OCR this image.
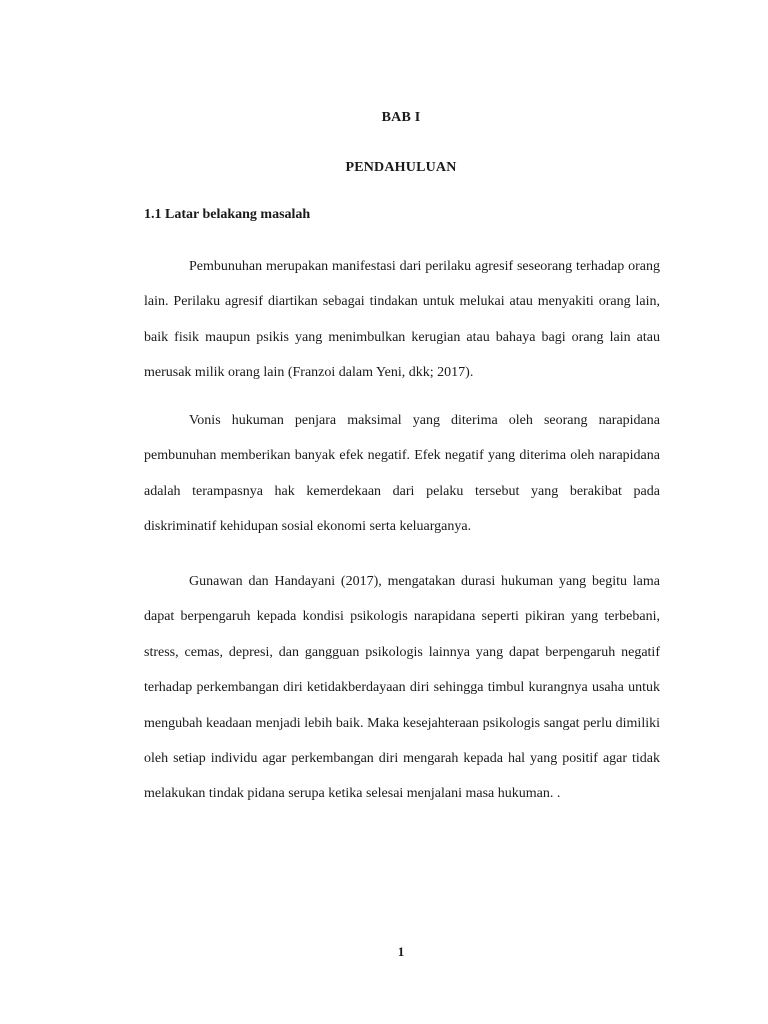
BAB I
PENDAHULUAN
1.1 Latar belakang masalah

Pembunuhan merupakan manifestasi dari perilaku agresif seseorang terhadap orang lain. Perilaku agresif diartikan sebagai tindakan untuk melukai atau menyakiti orang lain, baik fisik maupun psikis yang menimbulkan kerugian atau bahaya bagi orang lain atau merusak milik orang lain (Franzoi dalam Yeni, dkk; 2017).

Vonis hukuman penjara maksimal yang diterima oleh seorang narapidana pembunuhan memberikan banyak efek negatif. Efek negatif yang diterima oleh narapidana adalah terampasnya hak kemerdekaan dari pelaku tersebut yang berakibat pada diskriminatif kehidupan sosial ekonomi serta keluarganya.

Gunawan dan Handayani (2017), mengatakan durasi hukuman yang begitu lama dapat berpengaruh kepada kondisi psikologis narapidana seperti pikiran yang terbebani, stress, cemas, depresi, dan gangguan psikologis lainnya yang dapat berpengaruh negatif terhadap perkembangan diri ketidakberdayaan diri sehingga timbul kurangnya usaha untuk mengubah keadaan menjadi lebih baik. Maka kesejahteraan psikologis sangat perlu dimiliki oleh setiap individu agar perkembangan diri mengarah kepada hal yang positif agar tidak melakukan tindak pidana serupa ketika selesai menjalani masa hukuman. .

1
